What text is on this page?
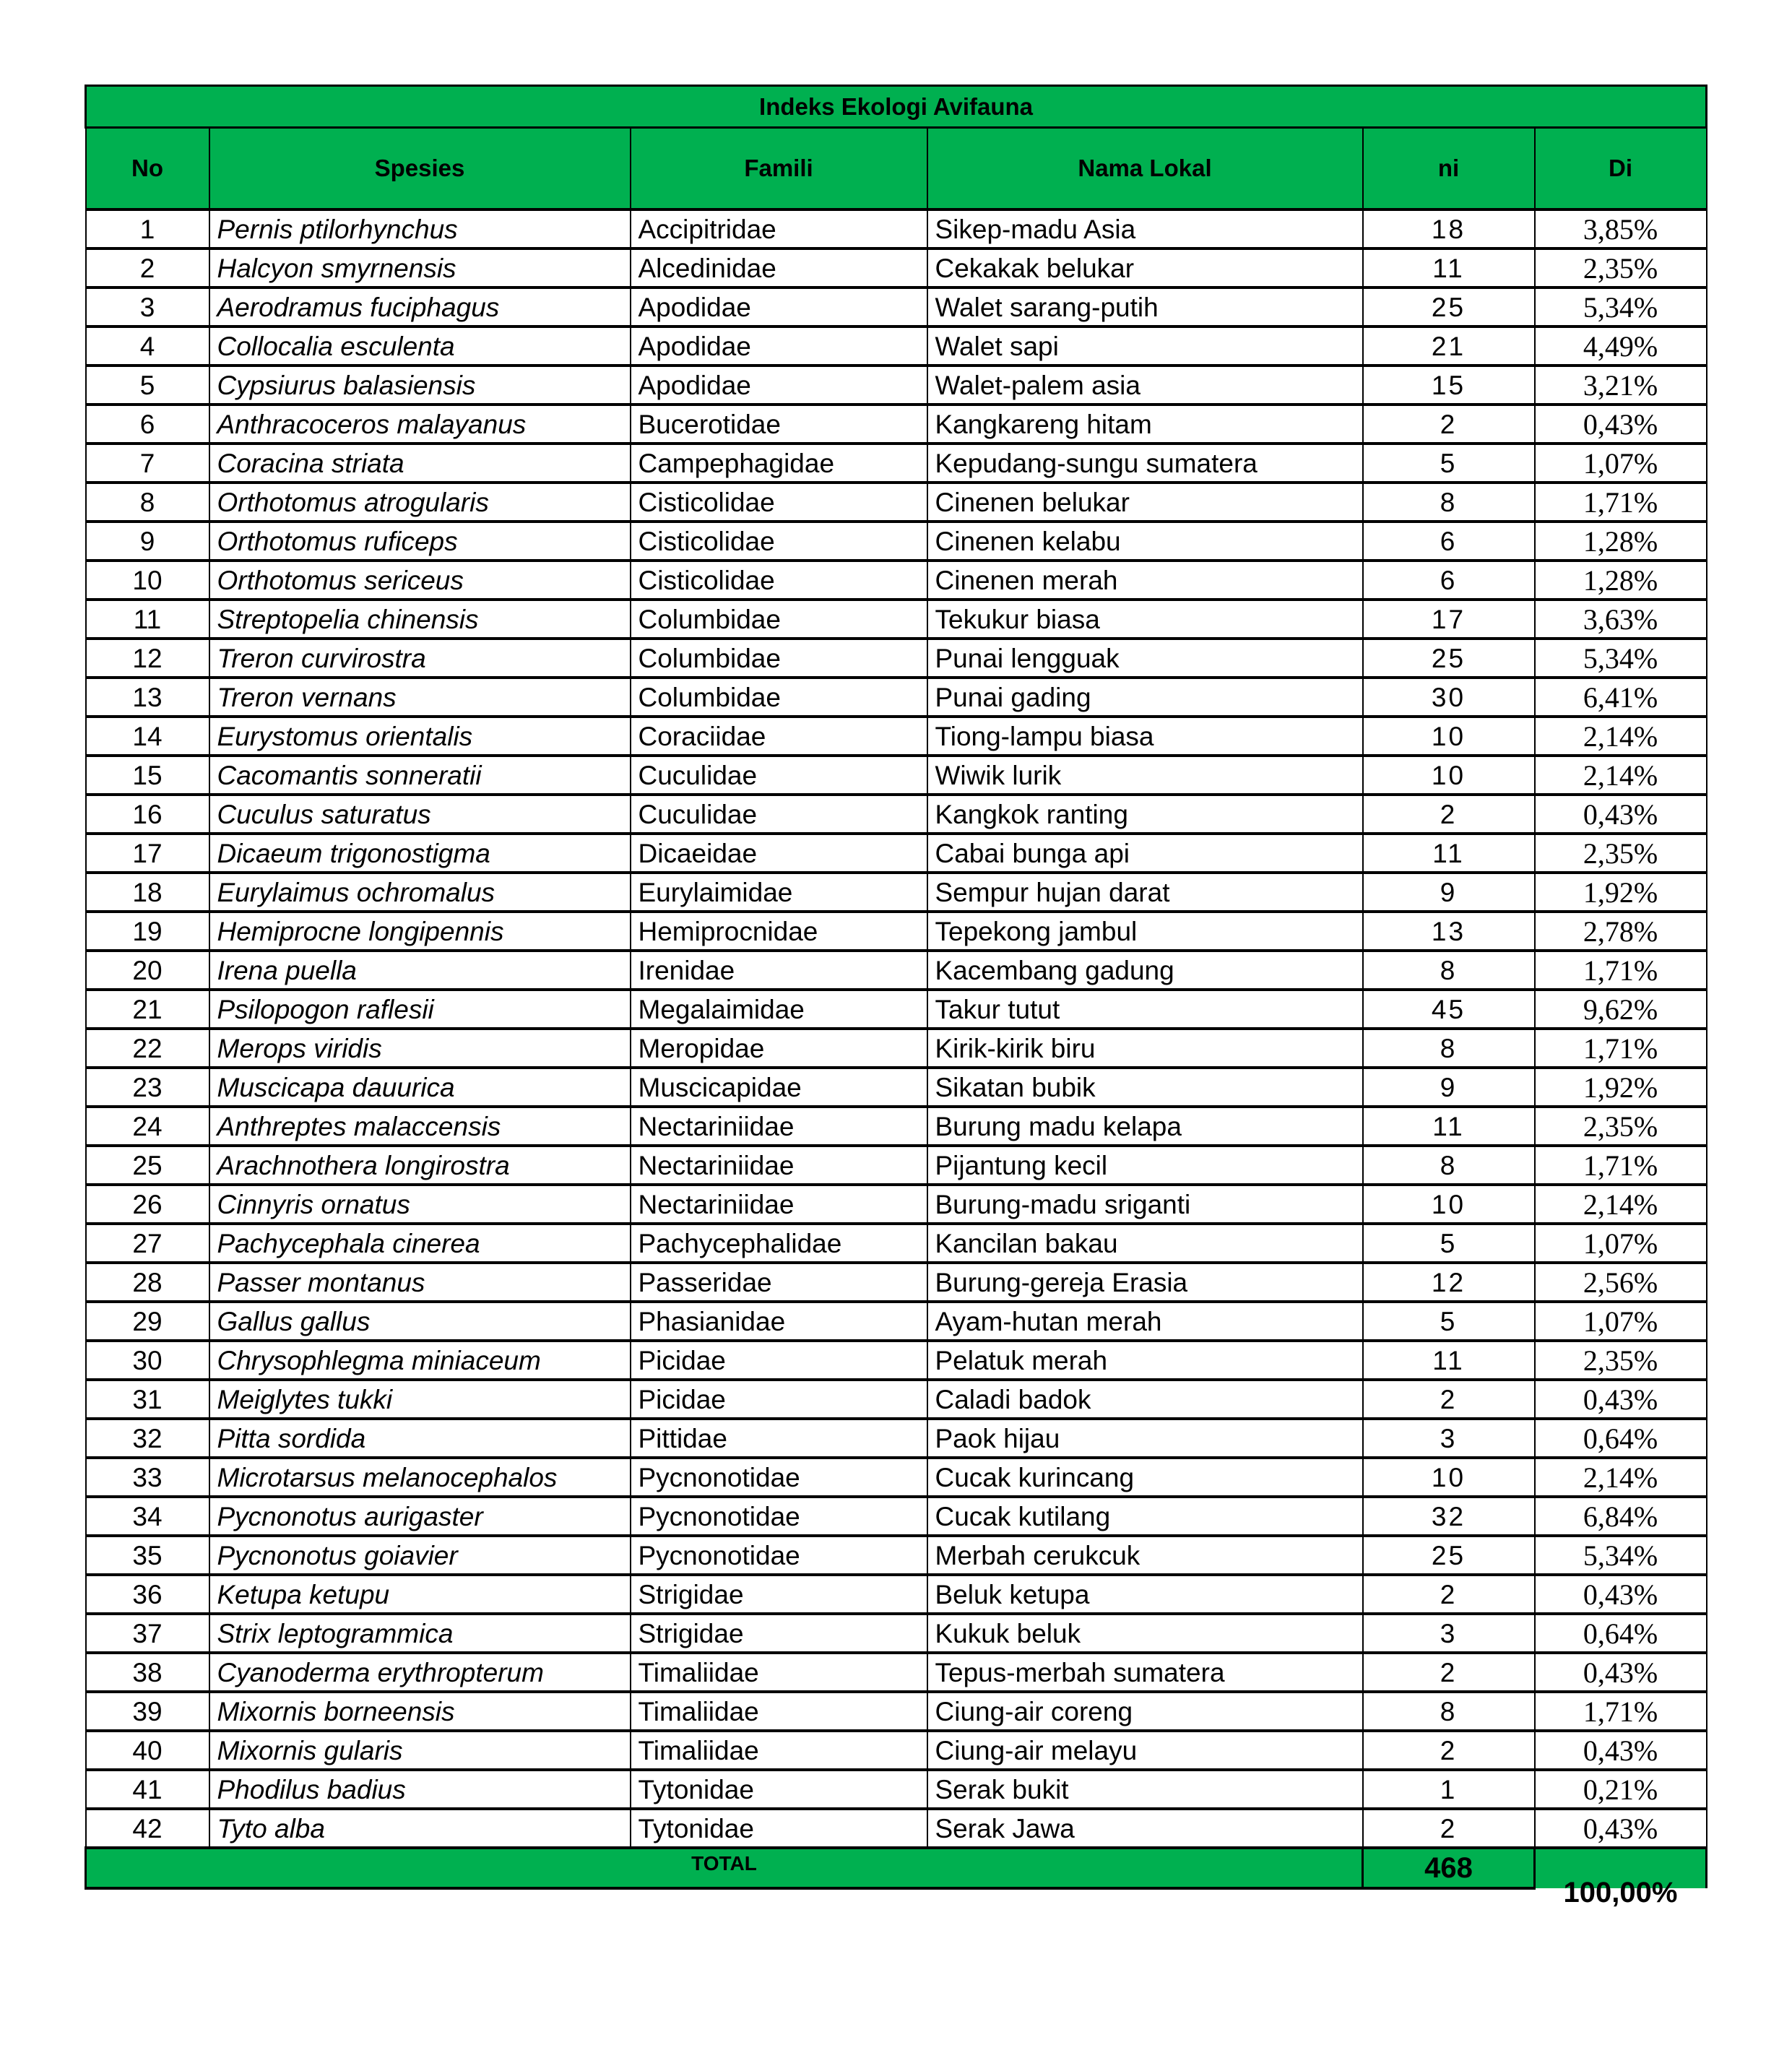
Indeks Ekologi Avifauna					
No	Spesies	Famili	Nama Lokal	ni	Di
1	Pernis ptilorhynchus	Accipitridae	Sikep-madu Asia	18	3,85%
2	Halcyon smyrnensis	Alcedinidae	Cekakak belukar	11	2,35%
3	Aerodramus fuciphagus	Apodidae	Walet sarang-putih	25	5,34%
4	Collocalia esculenta	Apodidae	Walet sapi	21	4,49%
5	Cypsiurus balasiensis	Apodidae	Walet-palem asia	15	3,21%
6	Anthracoceros malayanus	Bucerotidae	Kangkareng hitam	2	0,43%
7	Coracina striata	Campephagidae	Kepudang-sungu sumatera	5	1,07%
8	Orthotomus atrogularis	Cisticolidae	Cinenen belukar	8	1,71%
9	Orthotomus ruficeps	Cisticolidae	Cinenen kelabu	6	1,28%
10	Orthotomus sericeus	Cisticolidae	Cinenen merah	6	1,28%
11	Streptopelia chinensis	Columbidae	Tekukur biasa	17	3,63%
12	Treron curvirostra	Columbidae	Punai lengguak	25	5,34%
13	Treron vernans	Columbidae	Punai gading	30	6,41%
14	Eurystomus orientalis	Coraciidae	Tiong-lampu biasa	10	2,14%
15	Cacomantis sonneratii	Cuculidae	Wiwik lurik	10	2,14%
16	Cuculus saturatus	Cuculidae	Kangkok ranting	2	0,43%
17	Dicaeum trigonostigma	Dicaeidae	Cabai bunga api	11	2,35%
18	Eurylaimus ochromalus	Eurylaimidae	Sempur hujan darat	9	1,92%
19	Hemiprocne longipennis	Hemiprocnidae	Tepekong jambul	13	2,78%
20	Irena puella	Irenidae	Kacembang gadung	8	1,71%
21	Psilopogon raflesii	Megalaimidae	Takur tutut	45	9,62%
22	Merops viridis	Meropidae	Kirik-kirik biru	8	1,71%
23	Muscicapa dauurica	Muscicapidae	Sikatan bubik	9	1,92%
24	Anthreptes malaccensis	Nectariniidae	Burung madu kelapa	11	2,35%
25	Arachnothera longirostra	Nectariniidae	Pijantung kecil	8	1,71%
26	Cinnyris ornatus	Nectariniidae	Burung-madu sriganti	10	2,14%
27	Pachycephala cinerea	Pachycephalidae	Kancilan bakau	5	1,07%
28	Passer montanus	Passeridae	Burung-gereja Erasia	12	2,56%
29	Gallus gallus	Phasianidae	Ayam-hutan merah	5	1,07%
30	Chrysophlegma miniaceum	Picidae	Pelatuk merah	11	2,35%
31	Meiglytes tukki	Picidae	Caladi badok	2	0,43%
32	Pitta sordida	Pittidae	Paok hijau	3	0,64%
33	Microtarsus melanocephalos	Pycnonotidae	Cucak kurincang	10	2,14%
34	Pycnonotus aurigaster	Pycnonotidae	Cucak kutilang	32	6,84%
35	Pycnonotus goiavier	Pycnonotidae	Merbah cerukcuk	25	5,34%
36	Ketupa ketupu	Strigidae	Beluk ketupa	2	0,43%
37	Strix leptogrammica	Strigidae	Kukuk beluk	3	0,64%
38	Cyanoderma erythropterum	Timaliidae	Tepus-merbah sumatera	2	0,43%
39	Mixornis borneensis	Timaliidae	Ciung-air coreng	8	1,71%
40	Mixornis gularis	Timaliidae	Ciung-air melayu	2	0,43%
41	Phodilus badius	Tytonidae	Serak bukit	1	0,21%
42	Tyto alba	Tytonidae	Serak Jawa	2	0,43%
TOTAL				468	100,00%
